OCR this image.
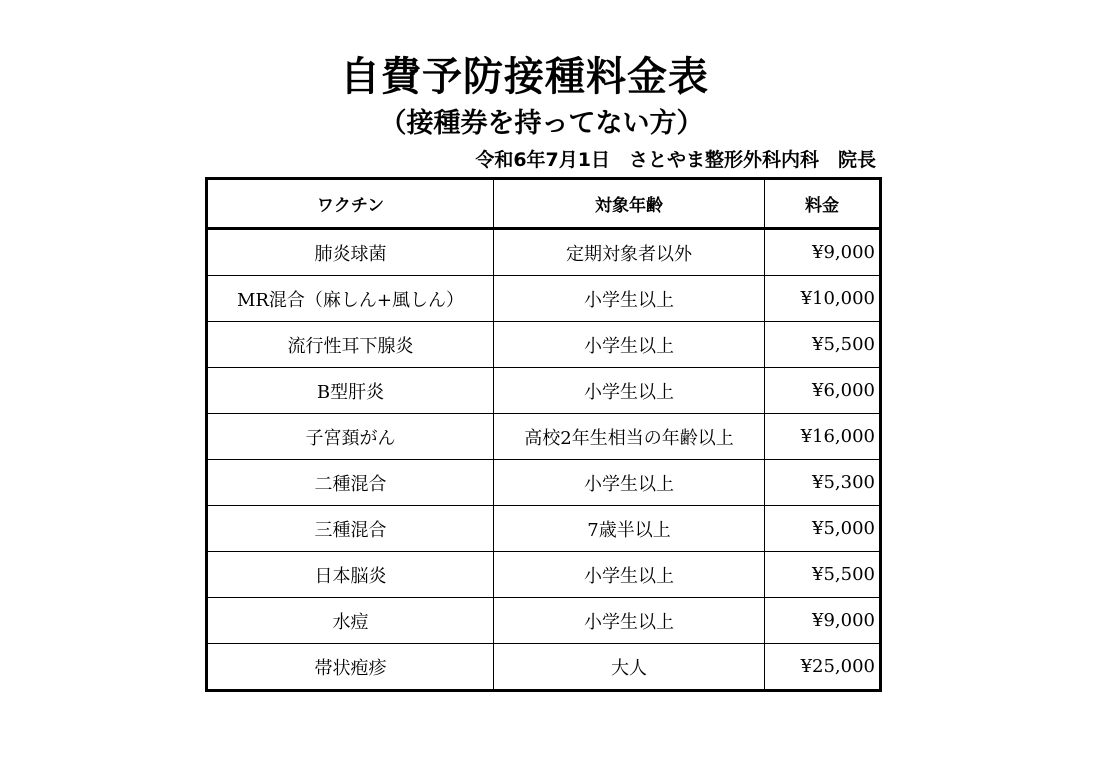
自費予防接種料金表
（接種券を持ってない方）
令和6年7月1日　さとやま整形外科内科　院長
ワクチン	対象年齢	料金
肺炎球菌	定期対象者以外	¥9,000
MR混合（麻しん+風しん）	小学生以上	¥10,000
流行性耳下腺炎	小学生以上	¥5,500
B型肝炎	小学生以上	¥6,000
子宮頚がん	高校2年生相当の年齢以上	¥16,000
二種混合	小学生以上	¥5,300
三種混合	7歳半以上	¥5,000
日本脳炎	小学生以上	¥5,500
水痘	小学生以上	¥9,000
帯状疱疹	大人	¥25,000
